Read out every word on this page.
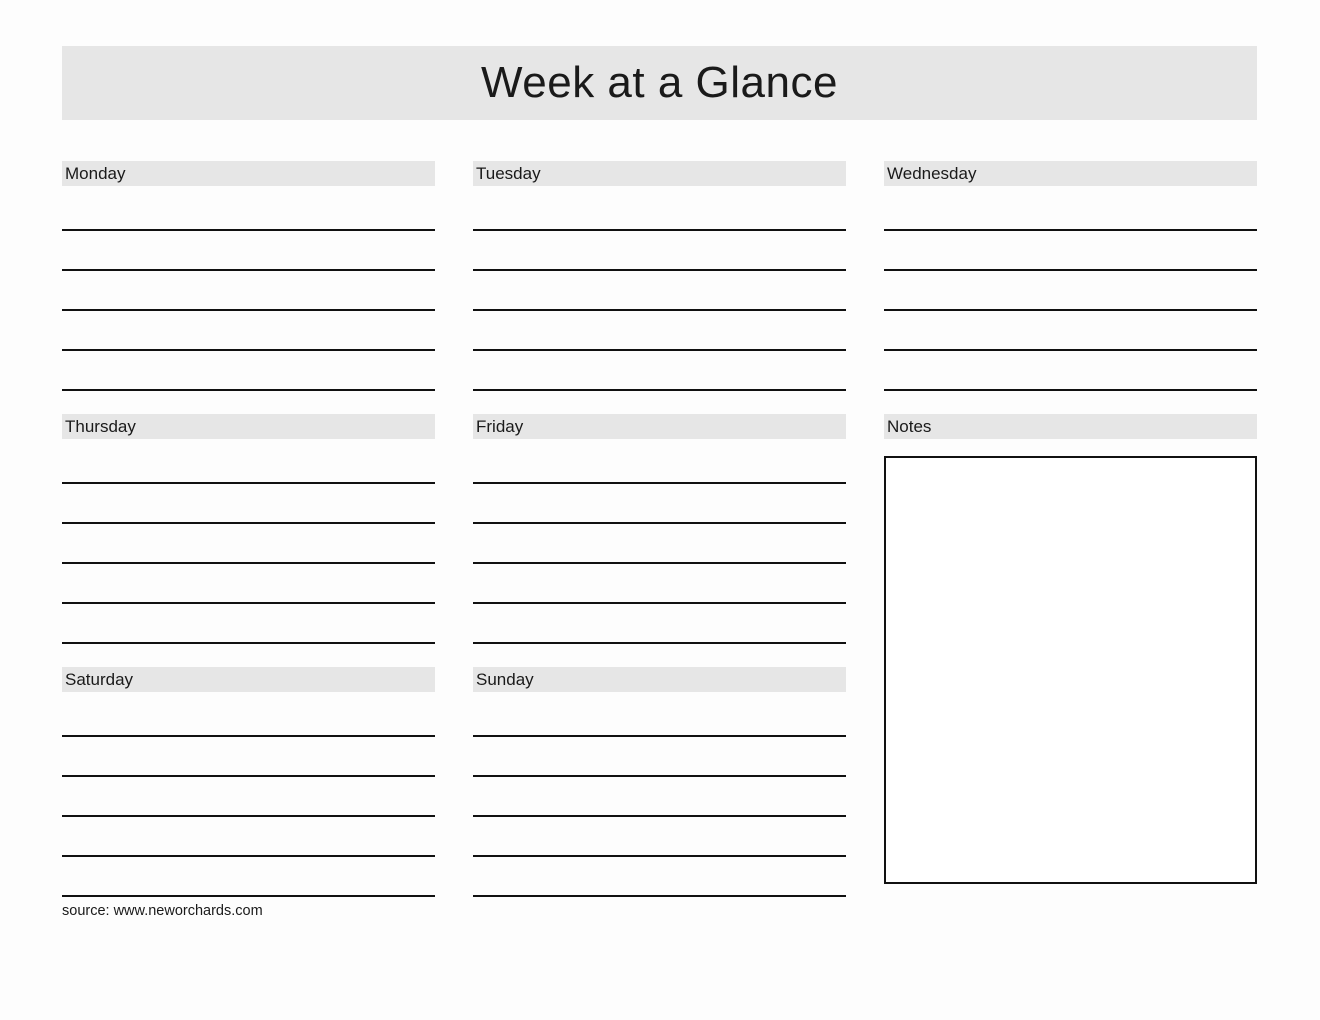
Week at a Glance
Monday	Tuesday	Wednesday
Thursday	Friday	Notes
Saturday	Sunday
source: www.neworchards.com
